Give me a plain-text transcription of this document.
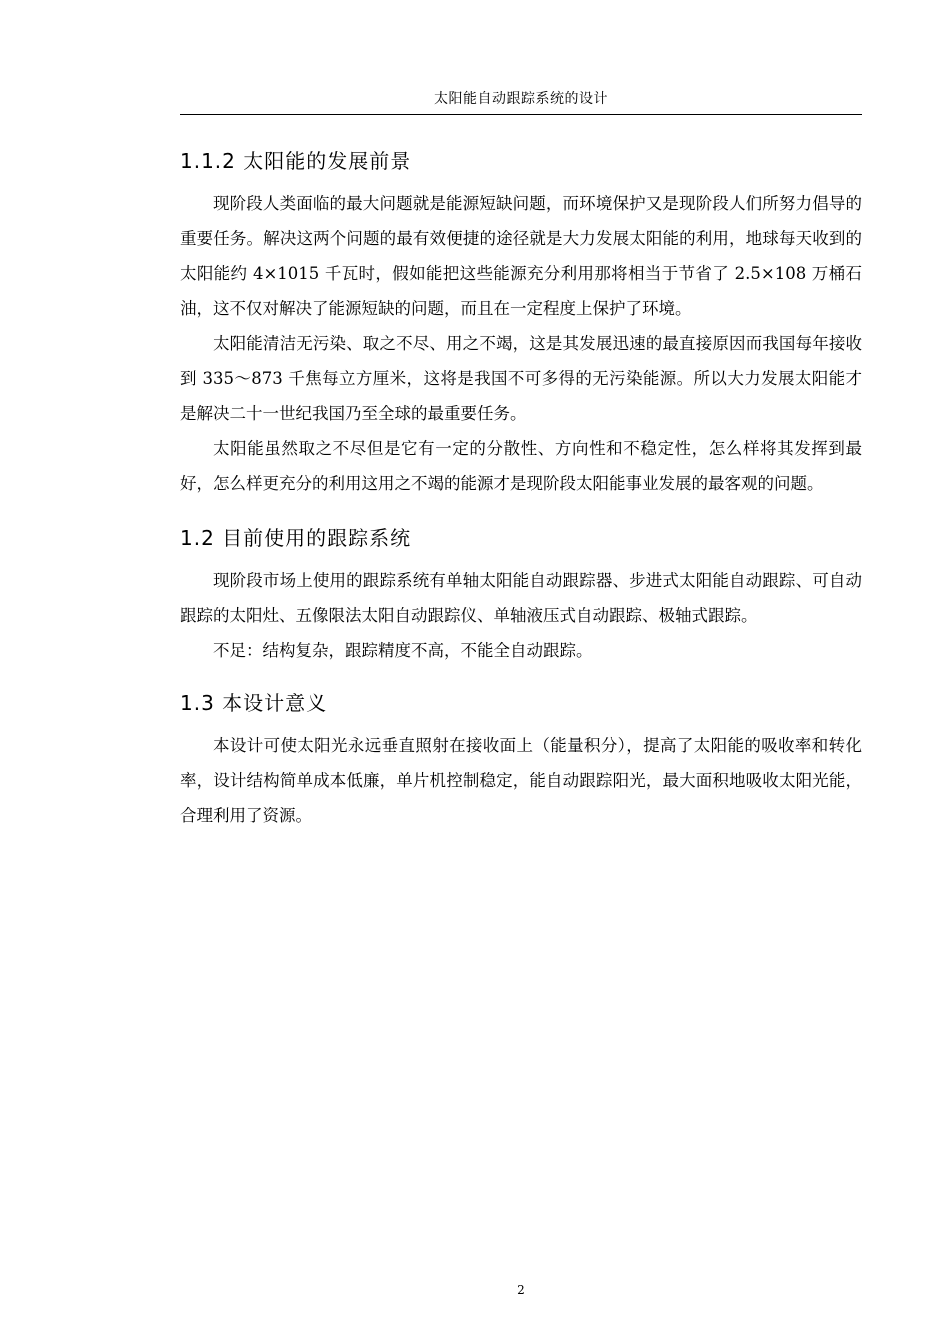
太阳能自动跟踪系统的设计
1.1.2 太阳能的发展前景

现阶段人类面临的最大问题就是能源短缺问题，而环境保护又是现阶段人们所努力倡导的重要任务。解决这两个问题的最有效便捷的途径就是大力发展太阳能的利用，地球每天收到的太阳能约 4×1015 千瓦时，假如能把这些能源充分利用那将相当于节省了 2.5×108 万桶石油，这不仅对解决了能源短缺的问题，而且在一定程度上保护了环境。

太阳能清洁无污染、取之不尽、用之不竭，这是其发展迅速的最直接原因而我国每年接收到 335～873 千焦每立方厘米，这将是我国不可多得的无污染能源。所以大力发展太阳能才是解决二十一世纪我国乃至全球的最重要任务。

太阳能虽然取之不尽但是它有一定的分散性、方向性和不稳定性，怎么样将其发挥到最好，怎么样更充分的利用这用之不竭的能源才是现阶段太阳能事业发展的最客观的问题。

1.2 目前使用的跟踪系统

现阶段市场上使用的跟踪系统有单轴太阳能自动跟踪器、步进式太阳能自动跟踪、可自动跟踪的太阳灶、五像限法太阳自动跟踪仪、单轴液压式自动跟踪、极轴式跟踪。

不足：结构复杂，跟踪精度不高，不能全自动跟踪。

1.3 本设计意义

本设计可使太阳光永远垂直照射在接收面上（能量积分），提高了太阳能的吸收率和转化率，设计结构简单成本低廉，单片机控制稳定，能自动跟踪阳光，最大面积地吸收太阳光能，合理利用了资源。

2
